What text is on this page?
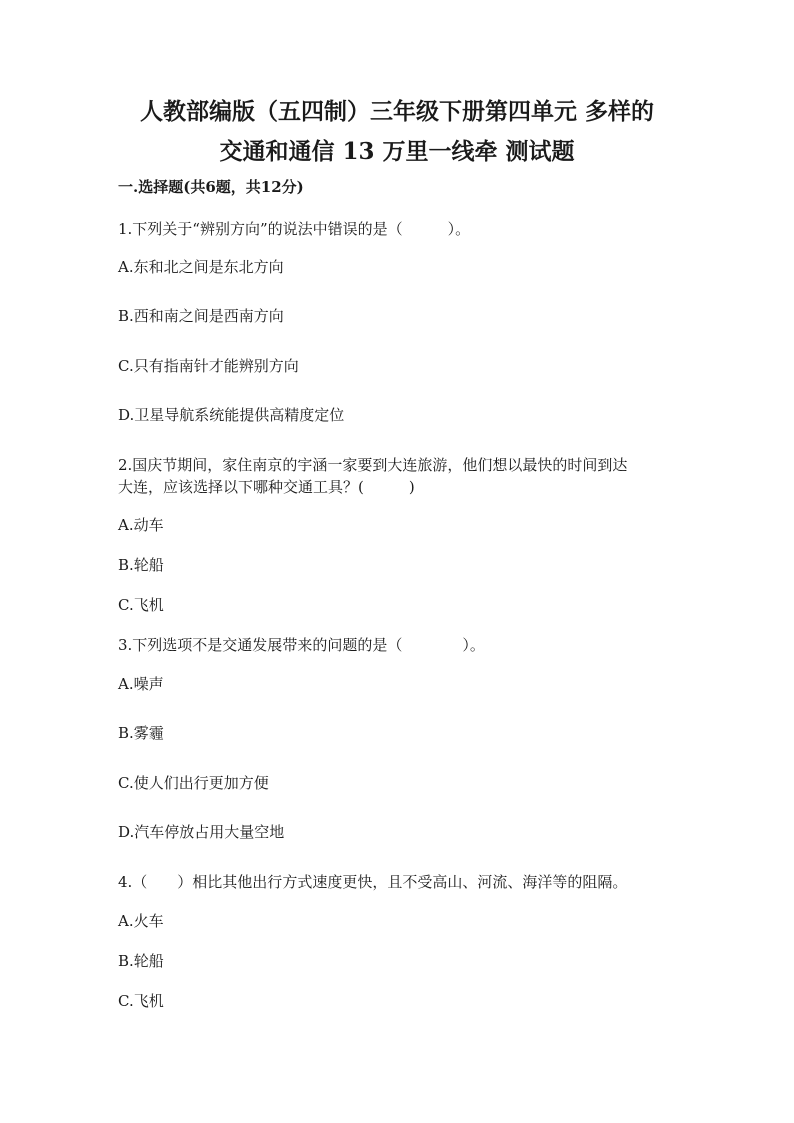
人教部编版（五四制）三年级下册第四单元 多样的
交通和通信 13 万里一线牵 测试题

一.选择题(共6题，共12分)

1.下列关于“辨别方向”的说法中错误的是（　　　）。

A.东和北之间是东北方向

B.西和南之间是西南方向

C.只有指南针才能辨别方向

D.卫星导航系统能提供高精度定位

2.国庆节期间，家住南京的宇涵一家要到大连旅游，他们想以最快的时间到达

大连，应该选择以下哪种交通工具？(　　　)

A.动车

B.轮船

C.飞机

3.下列选项不是交通发展带来的问题的是（　　　　）。

A.噪声

B.雾霾

C.使人们出行更加方便

D.汽车停放占用大量空地

4.（　　）相比其他出行方式速度更快，且不受高山、河流、海洋等的阻隔。

A.火车

B.轮船

C.飞机
